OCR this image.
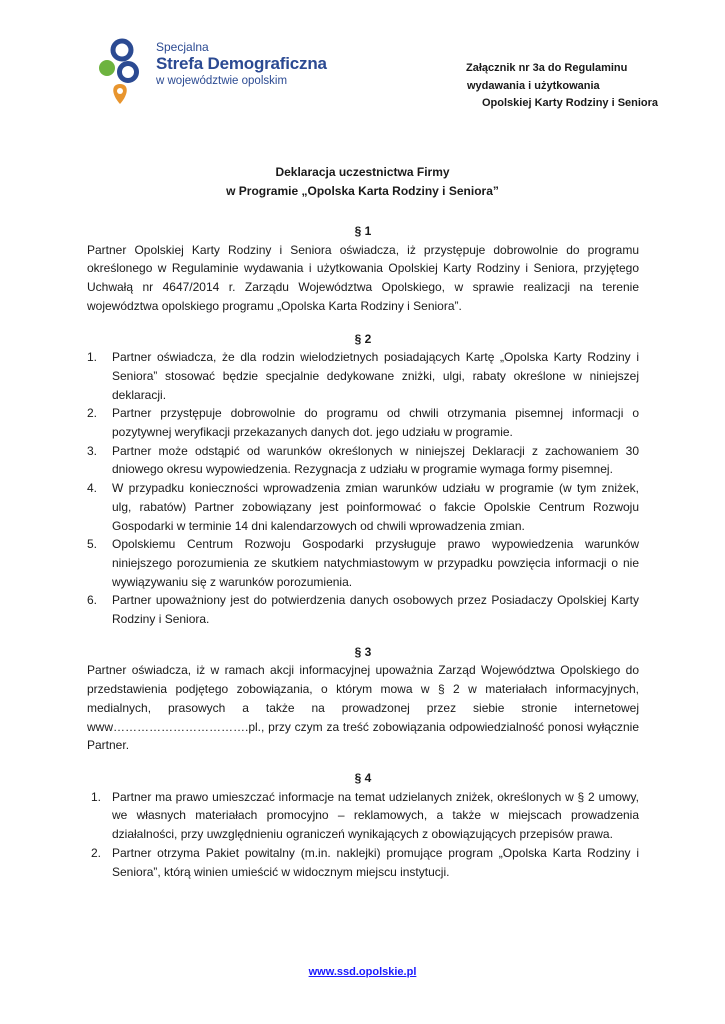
Specjalna
Strefa Demograficzna
w województwie opolskim
Załącznik nr 3a do Regulaminu
wydawania i użytkowania
Opolskiej Karty Rodziny i Seniora
Deklaracja uczestnictwa Firmy
w Programie „Opolska Karta Rodziny i Seniora”

§ 1

Partner Opolskiej Karty Rodziny i Seniora oświadcza, iż przystępuje dobrowolnie do programu określonego w Regulaminie wydawania i użytkowania Opolskiej Karty Rodziny i Seniora, przyjętego Uchwałą nr 4647/2014 r. Zarządu Województwa Opolskiego, w sprawie realizacji na terenie województwa opolskiego programu „Opolska Karta Rodziny i Seniora”.

§ 2

1. Partner oświadcza, że dla rodzin wielodzietnych posiadających Kartę „Opolska Karty Rodziny i Seniora” stosować będzie specjalnie dedykowane zniżki, ulgi, rabaty określone w niniejszej deklaracji.
2. Partner przystępuje dobrowolnie do programu od chwili otrzymania pisemnej informacji o pozytywnej weryfikacji przekazanych danych dot. jego udziału w programie.
3. Partner może odstąpić od warunków określonych w niniejszej Deklaracji z zachowaniem 30 dniowego okresu wypowiedzenia. Rezygnacja z udziału w programie wymaga formy pisemnej.
4. W przypadku konieczności wprowadzenia zmian warunków udziału w programie (w tym zniżek, ulg, rabatów) Partner zobowiązany jest poinformować o fakcie Opolskie Centrum Rozwoju Gospodarki w terminie 14 dni kalendarzowych od chwili wprowadzenia zmian.
5. Opolskiemu Centrum Rozwoju Gospodarki przysługuje prawo wypowiedzenia warunków niniejszego porozumienia ze skutkiem natychmiastowym w przypadku powzięcia informacji o nie wywiązywaniu się z warunków porozumienia.
6. Partner upoważniony jest do potwierdzenia danych osobowych przez Posiadaczy Opolskiej Karty Rodziny i Seniora.

§ 3

Partner oświadcza, iż w ramach akcji informacyjnej upoważnia Zarząd Województwa Opolskiego do przedstawienia podjętego zobowiązania, o którym mowa w § 2 w materiałach informacyjnych, medialnych, prasowych a także na prowadzonej przez siebie stronie internetowej www…………………………….pl., przy czym za treść zobowiązania odpowiedzialność ponosi wyłącznie Partner.

§ 4

1. Partner ma prawo umieszczać informacje na temat udzielanych zniżek, określonych w § 2 umowy, we własnych materiałach promocyjno – reklamowych, a także w miejscach prowadzenia działalności, przy uwzględnieniu ograniczeń wynikających z obowiązujących przepisów prawa.
2. Partner otrzyma Pakiet powitalny (m.in. naklejki) promujące program „Opolska Karta Rodziny i Seniora”, którą winien umieścić w widocznym miejscu instytucji.
www.ssd.opolskie.pl
